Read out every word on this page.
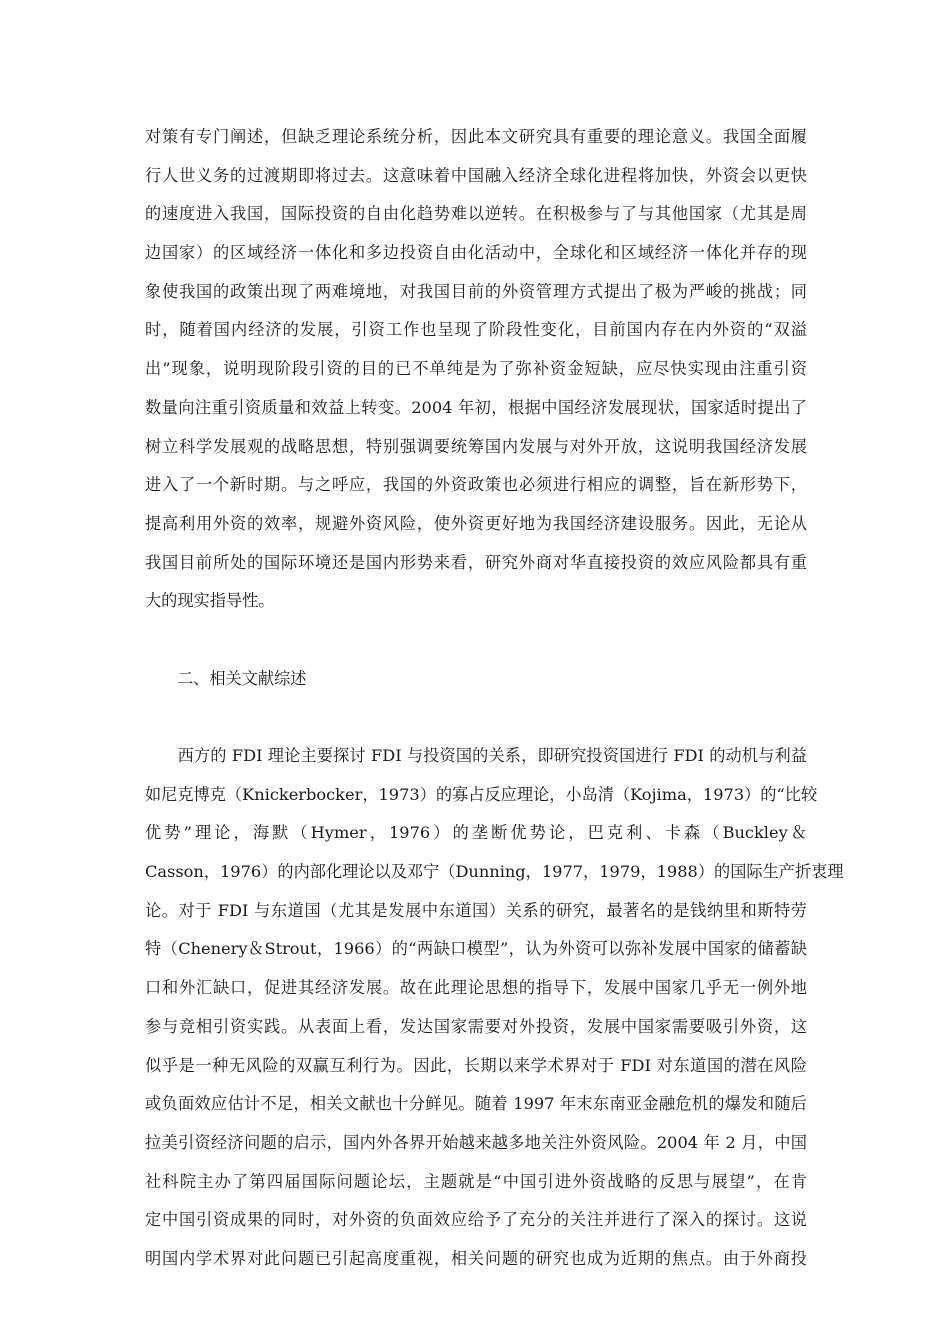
对策有专门阐述，但缺乏理论系统分析，因此本文研究具有重要的理论意义。我国全面履
行人世义务的过渡期即将过去。这意味着中国融入经济全球化进程将加快，外资会以更快
的速度进入我国，国际投资的自由化趋势难以逆转。在积极参与了与其他国家（尤其是周
边国家）的区域经济一体化和多边投资自由化活动中，全球化和区域经济一体化并存的现
象使我国的政策出现了两难境地，对我国目前的外资管理方式提出了极为严峻的挑战；同
时，随着国内经济的发展，引资工作也呈现了阶段性变化，目前国内存在内外资的“双溢
出”现象，说明现阶段引资的目的已不单纯是为了弥补资金短缺，应尽快实现由注重引资
数量向注重引资质量和效益上转变。2004 年初，根据中国经济发展现状，国家适时提出了
树立科学发展观的战略思想，特别强调要统筹国内发展与对外开放，这说明我国经济发展
进入了一个新时期。与之呼应，我国的外资政策也必须进行相应的调整，旨在新形势下，
提高利用外资的效率，规避外资风险，使外资更好地为我国经济建设服务。因此，无论从
我国目前所处的国际环境还是国内形势来看，研究外商对华直接投资的效应风险都具有重
大的现实指导性。
二、相关文献综述
　　西方的 FDI 理论主要探讨 FDI 与投资国的关系，即研究投资国进行 FDI 的动机与利益
如尼克博克（Knickerbocker，1973）的寡占反应理论，小岛清（Kojima，1973）的“比较
优势”理论，海默（Hymer，1976）的垄断优势论，巴克利、卡森（Buckley＆
Casson，1976）的内部化理论以及邓宁（Dunning，1977，1979，1988）的国际生产折衷理
论。对于 FDI 与东道国（尤其是发展中东道国）关系的研究，最著名的是钱纳里和斯特劳
特（Chenery＆Strout，1966）的“两缺口模型”，认为外资可以弥补发展中国家的储蓄缺
口和外汇缺口，促进其经济发展。故在此理论思想的指导下，发展中国家几乎无一例外地
参与竞相引资实践。从表面上看，发达国家需要对外投资，发展中国家需要吸引外资，这
似乎是一种无风险的双赢互利行为。因此，长期以来学术界对于 FDI 对东道国的潜在风险
或负面效应估计不足，相关文献也十分鲜见。随着 1997 年末东南亚金融危机的爆发和随后
拉美引资经济问题的启示，国内外各界开始越来越多地关注外资风险。2004 年 2 月，中国
社科院主办了第四届国际问题论坛，主题就是“中国引进外资战略的反思与展望”，在肯
定中国引资成果的同时，对外资的负面效应给予了充分的关注并进行了深入的探讨。这说
明国内学术界对此问题已引起高度重视，相关问题的研究也成为近期的焦点。由于外商投
